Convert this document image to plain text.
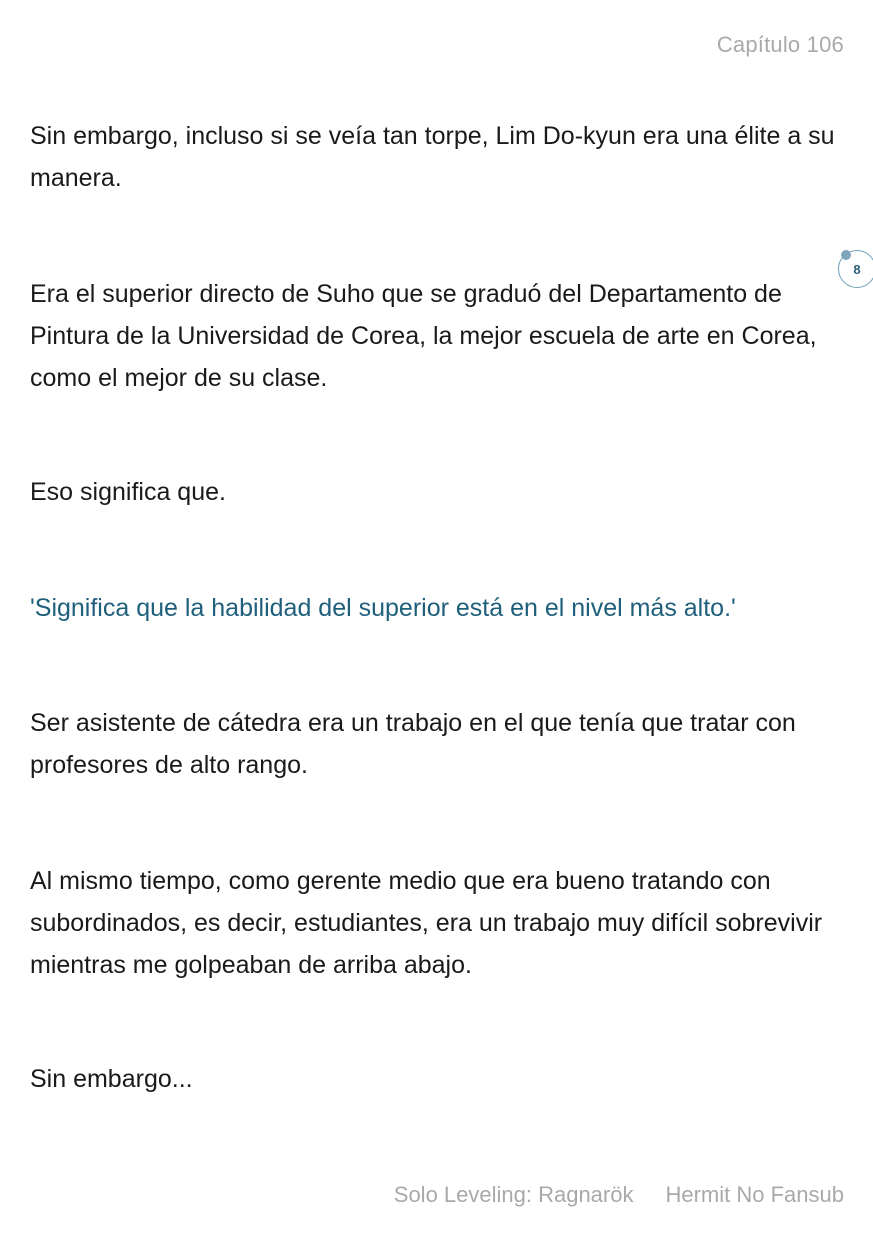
Capítulo 106

Sin embargo, incluso si se veía tan torpe, Lim Do-kyun era una élite a su manera.

Era el superior directo de Suho que se graduó del Departamento de Pintura de la Universidad de Corea, la mejor escuela de arte en Corea, como el mejor de su clase.

Eso significa que.

'Significa que la habilidad del superior está en el nivel más alto.'

Ser asistente de cátedra era un trabajo en el que tenía que tratar con profesores de alto rango.

Al mismo tiempo, como gerente medio que era bueno tratando con subordinados, es decir, estudiantes, era un trabajo muy difícil sobrevivir mientras me golpeaban de arriba abajo.

Sin embargo...

8
Solo Leveling: Ragnarök Hermit No Fansub
